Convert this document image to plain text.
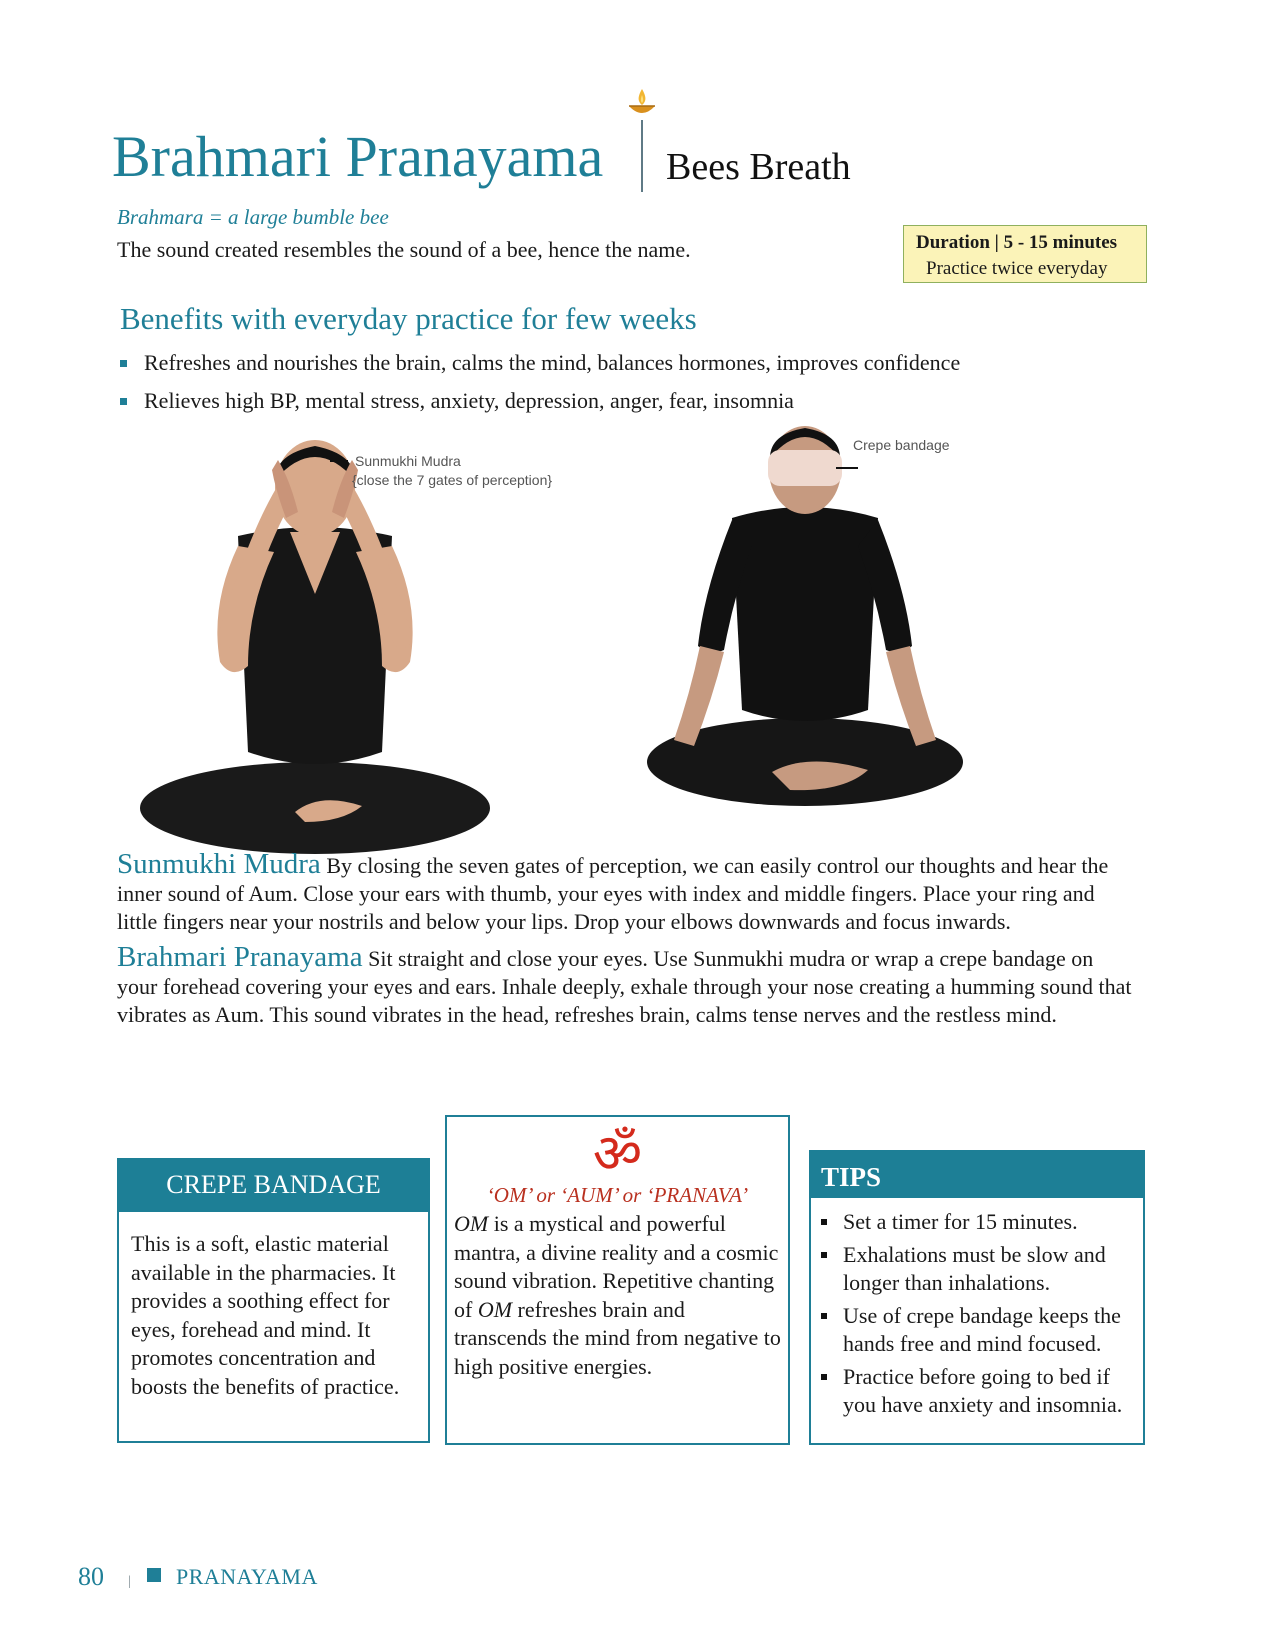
Brahmari Pranayama Bees Breath
Brahmara = a large bumble bee
The sound created resembles the sound of a bee, hence the name.	Duration | 5 - 15 minutes
Practice twice everyday
Benefits with everyday practice for few weeks
Refreshes and nourishes the brain, calms the mind, balances hormones, improves confidence
Relieves high BP, mental stress, anxiety, depression, anger, fear, insomnia
Sunmukhi Mudra
{close the 7 gates of perception}
Crepe bandage
Sunmukhi Mudra By closing the seven gates of perception, we can easily control our thoughts and hear the inner sound of Aum. Close your ears with thumb, your eyes with index and middle fingers. Place your ring and little fingers near your nostrils and below your lips. Drop your elbows downwards and focus inwards.
Brahmari Pranayama Sit straight and close your eyes. Use Sunmukhi mudra or wrap a crepe bandage on your forehead covering your eyes and ears. Inhale deeply, exhale through your nose creating a humming sound that vibrates as Aum. This sound vibrates in the head, refreshes brain, calms tense nerves and the restless mind.
CREPE BANDAGE
This is a soft, elastic material available in the pharmacies. It provides a soothing effect for eyes, forehead and mind. It promotes concentration and boosts the benefits of practice.
ॐ
‘OM’ or ‘AUM’ or ‘PRANAVA’
OM is a mystical and powerful mantra, a divine reality and a cosmic sound vibration. Repetitive chanting of OM refreshes brain and transcends the mind from negative to high positive energies.
TIPS
Set a timer for 15 minutes.
Exhalations must be slow and longer than inhalations.
Use of crepe bandage keeps the hands free and mind focused.
Practice before going to bed if you have anxiety and insomnia.
80 | PRANAYAMA
